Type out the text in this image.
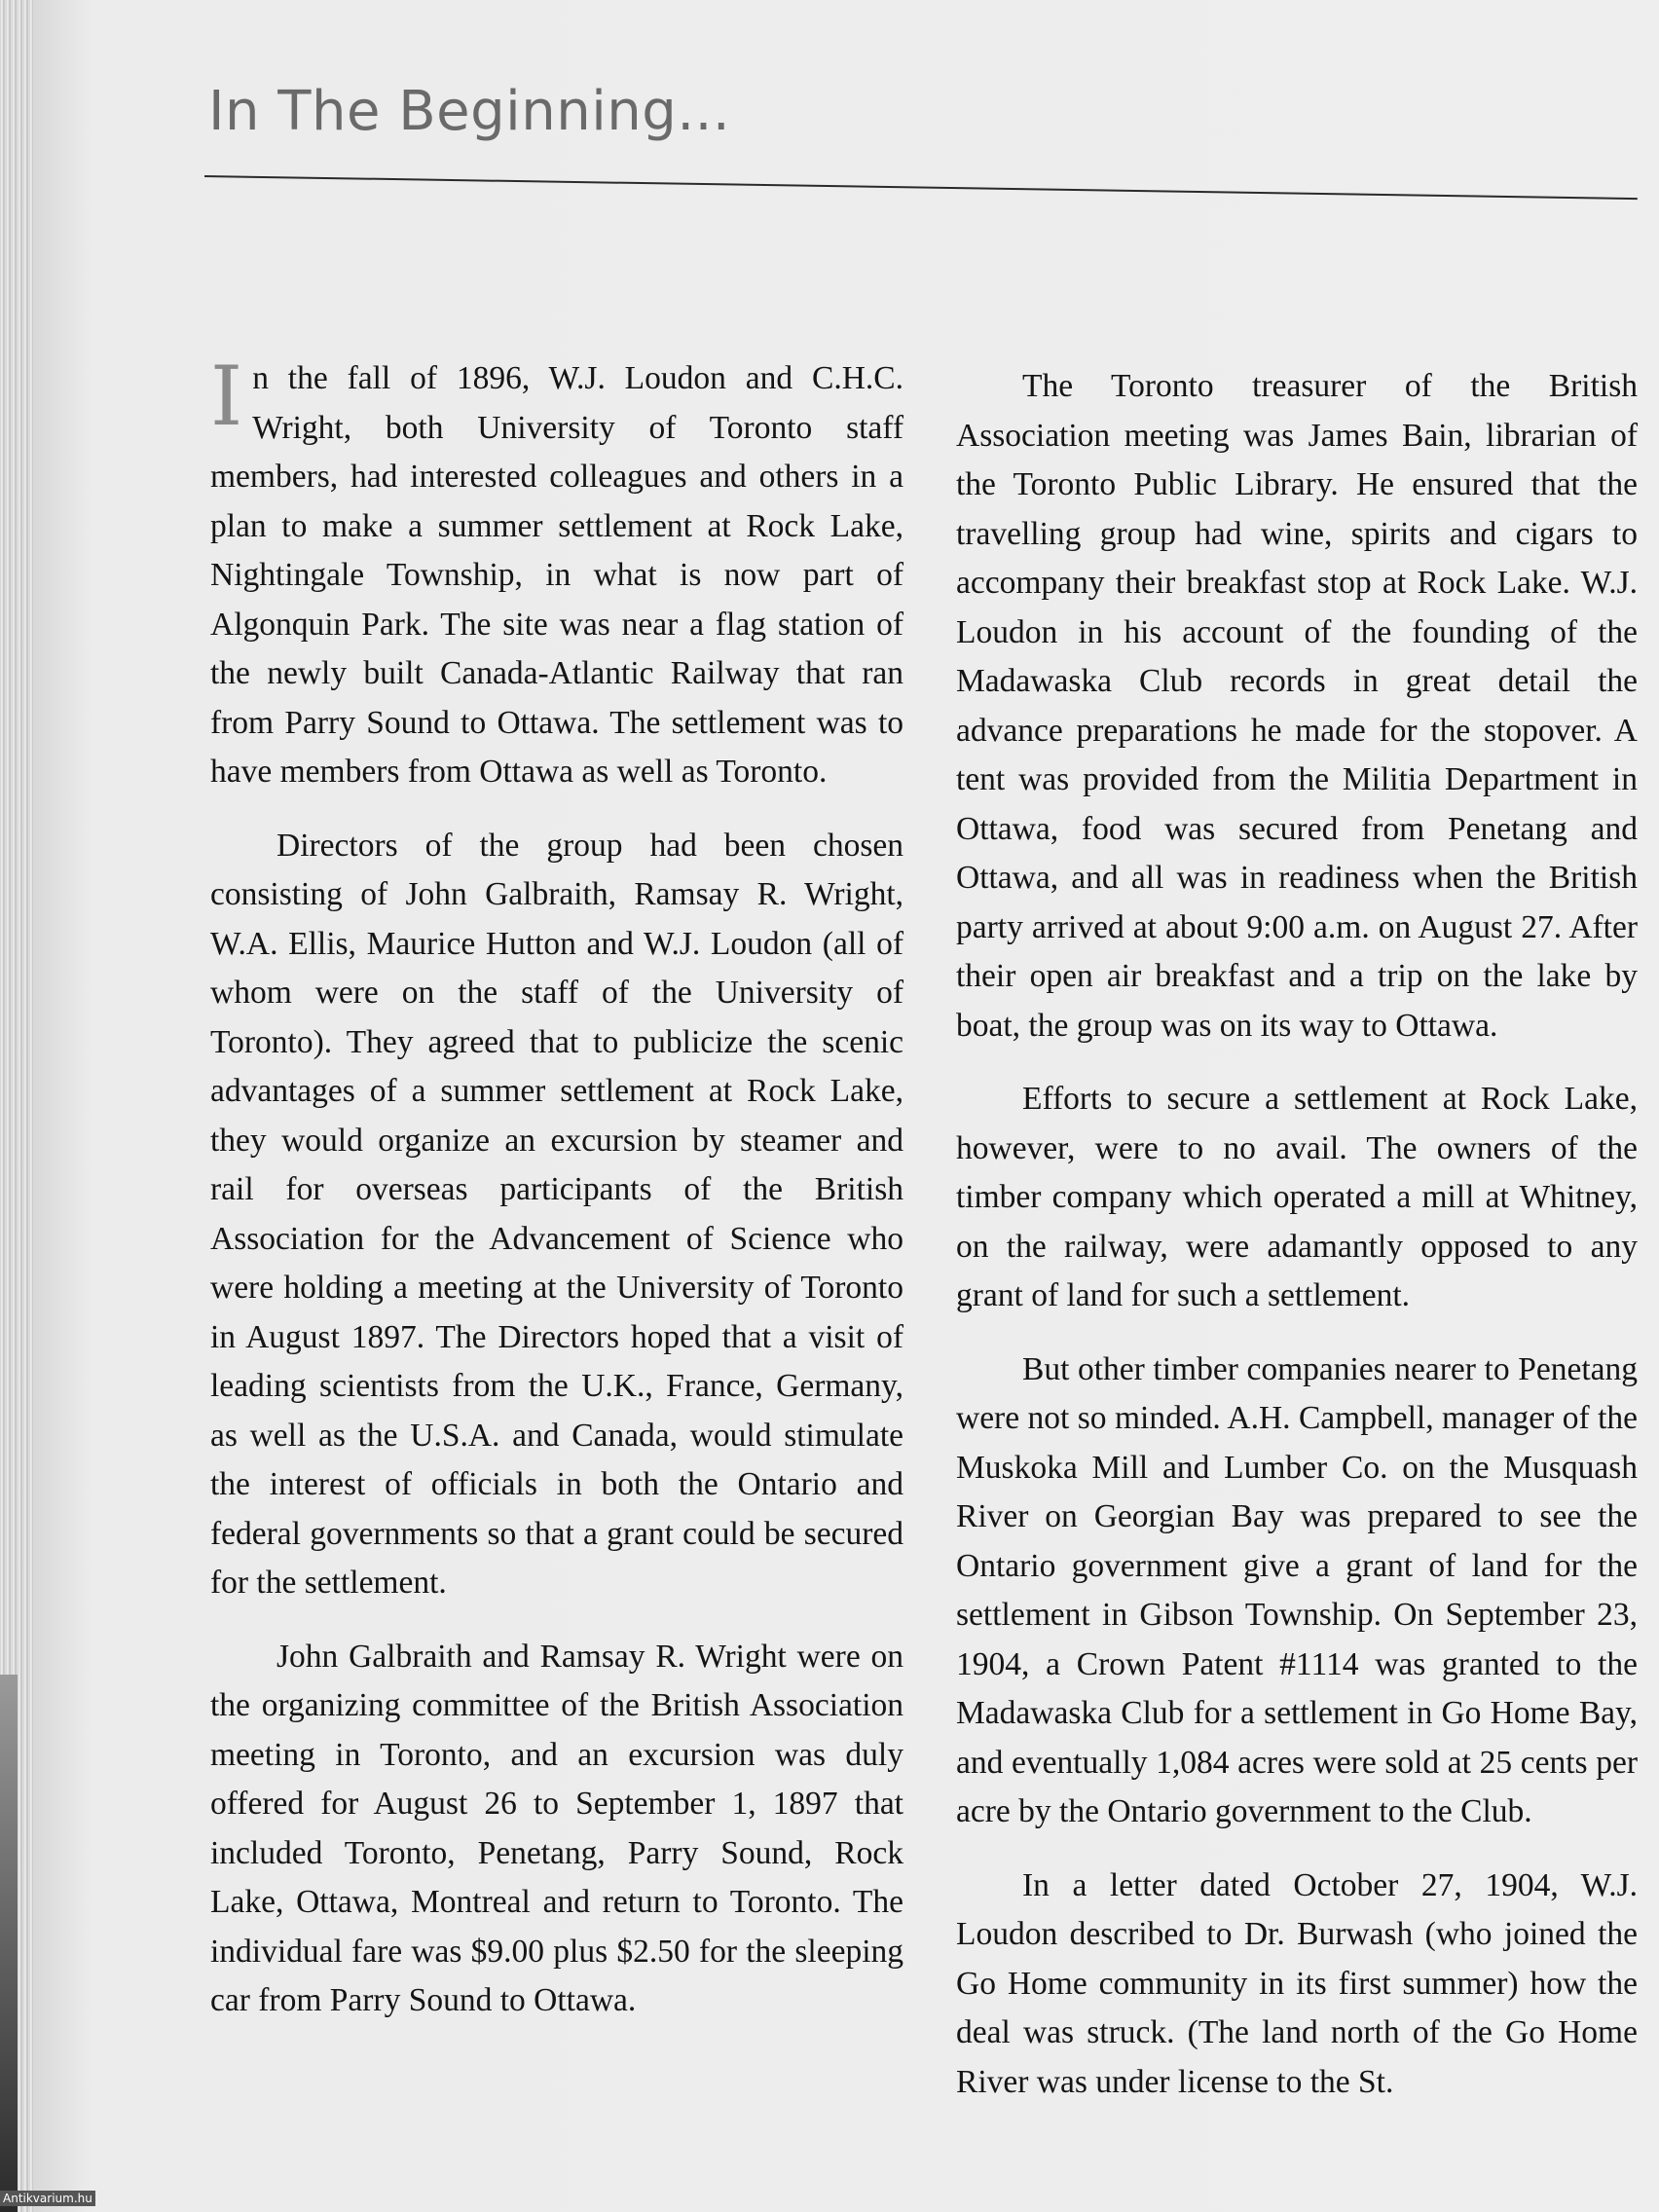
In The Beginning...

In the fall of 1896, W.J. Loudon and C.H.C. Wright, both University of Toronto staff members, had interested colleagues and others in a plan to make a summer settlement at Rock Lake, Nightingale Township, in what is now part of Algonquin Park. The site was near a flag station of the newly built Canada-Atlantic Railway that ran from Parry Sound to Ottawa. The settlement was to have members from Ottawa as well as Toronto.

Directors of the group had been chosen consisting of John Galbraith, Ramsay R. Wright, W.A. Ellis, Maurice Hutton and W.J. Loudon (all of whom were on the staff of the University of Toronto). They agreed that to publicize the scenic advantages of a summer settlement at Rock Lake, they would organize an excursion by steamer and rail for overseas participants of the British Association for the Advancement of Science who were holding a meeting at the University of Toronto in August 1897. The Directors hoped that a visit of leading scientists from the U.K., France, Germany, as well as the U.S.A. and Canada, would stimulate the interest of officials in both the Ontario and federal governments so that a grant could be secured for the settlement.

John Galbraith and Ramsay R. Wright were on the organizing committee of the British Association meeting in Toronto, and an excursion was duly offered for August 26 to September 1, 1897 that included Toronto, Penetang, Parry Sound, Rock Lake, Ottawa, Montreal and return to Toronto. The individual fare was $9.00 plus $2.50 for the sleeping car from Parry Sound to Ottawa.

The Toronto treasurer of the British Association meeting was James Bain, librarian of the Toronto Public Library. He ensured that the travelling group had wine, spirits and cigars to accompany their breakfast stop at Rock Lake. W.J. Loudon in his account of the founding of the Madawaska Club records in great detail the advance preparations he made for the stopover. A tent was provided from the Militia Department in Ottawa, food was secured from Penetang and Ottawa, and all was in readiness when the British party arrived at about 9:00 a.m. on August 27. After their open air breakfast and a trip on the lake by boat, the group was on its way to Ottawa.

Efforts to secure a settlement at Rock Lake, however, were to no avail. The owners of the timber company which operated a mill at Whitney, on the railway, were adamantly opposed to any grant of land for such a settlement.

But other timber companies nearer to Penetang were not so minded. A.H. Campbell, manager of the Muskoka Mill and Lumber Co. on the Musquash River on Georgian Bay was prepared to see the Ontario government give a grant of land for the settlement in Gibson Township. On September 23, 1904, a Crown Patent #1114 was granted to the Madawaska Club for a settlement in Go Home Bay, and eventually 1,084 acres were sold at 25 cents per acre by the Ontario government to the Club.

In a letter dated October 27, 1904, W.J. Loudon described to Dr. Burwash (who joined the Go Home community in its first summer) how the deal was struck. (The land north of the Go Home River was under license to the St.

Antikvarium.hu
